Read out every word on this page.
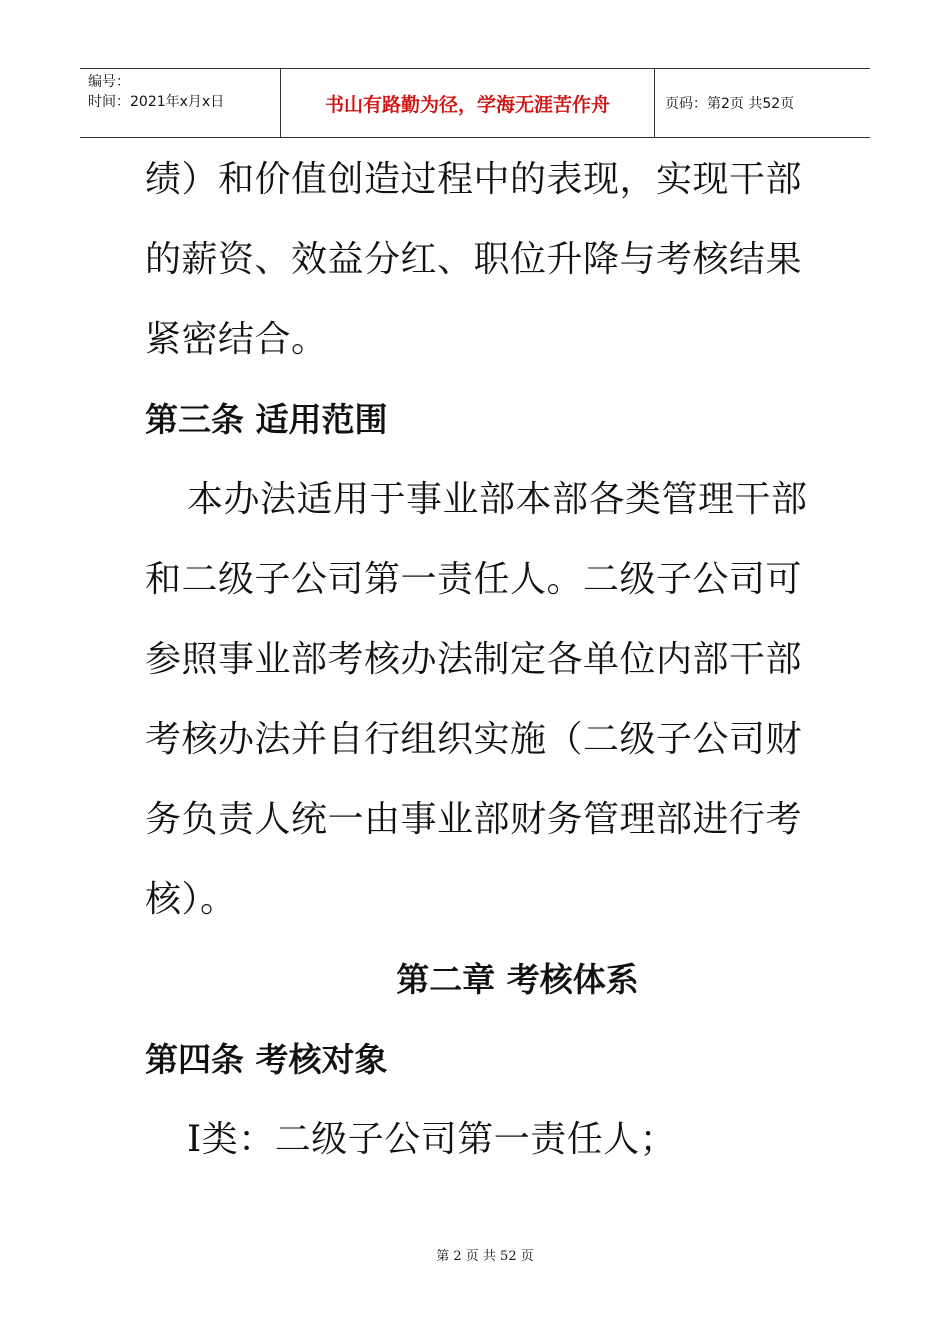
编号：
时间：2021年x月x日	书山有路勤为径，学海无涯苦作舟	页码：第2页 共52页
绩）和价值创造过程中的表现，实现干部
的薪资、效益分红、职位升降与考核结果
紧密结合。
第三条 适用范围
本办法适用于事业部本部各类管理干部
和二级子公司第一责任人。二级子公司可
参照事业部考核办法制定各单位内部干部
考核办法并自行组织实施（二级子公司财
务负责人统一由事业部财务管理部进行考
核）。
第二章 考核体系
第四条 考核对象
Ⅰ类：二级子公司第一责任人；
第 2 页 共 52 页
